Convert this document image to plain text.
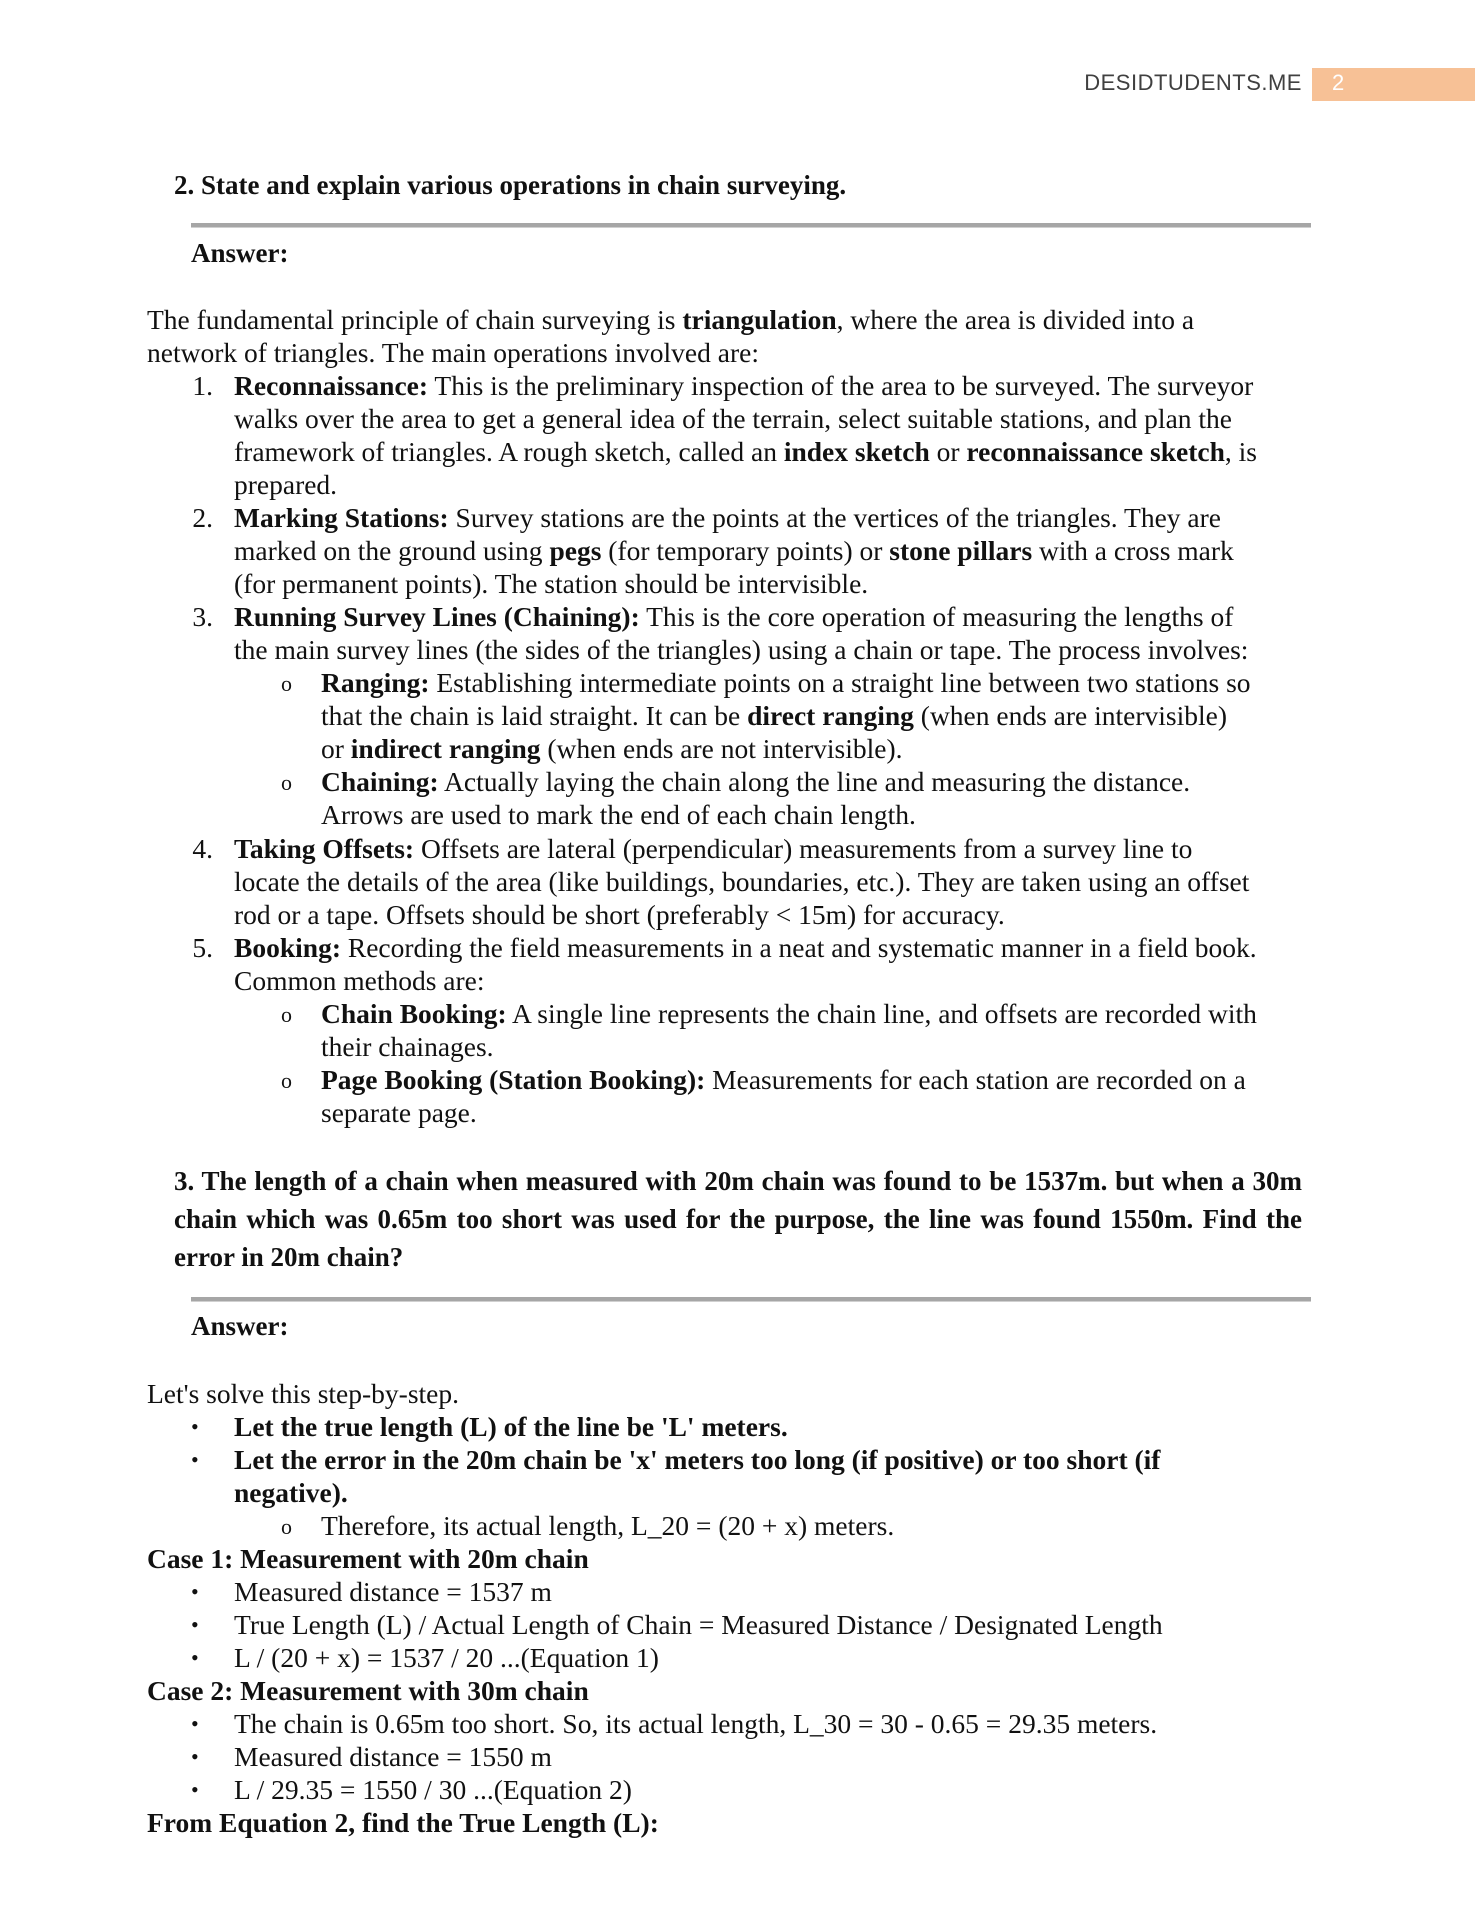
DESIDTUDENTS.ME 2
2. State and explain various operations in chain surveying.
Answer:
The fundamental principle of chain surveying is triangulation, where the area is divided into a
network of triangles. The main operations involved are:
1. Reconnaissance: This is the preliminary inspection of the area to be surveyed. The surveyor
walks over the area to get a general idea of the terrain, select suitable stations, and plan the
framework of triangles. A rough sketch, called an index sketch or reconnaissance sketch, is
prepared.
2. Marking Stations: Survey stations are the points at the vertices of the triangles. They are
marked on the ground using pegs (for temporary points) or stone pillars with a cross mark
(for permanent points). The station should be intervisible.
3. Running Survey Lines (Chaining): This is the core operation of measuring the lengths of
the main survey lines (the sides of the triangles) using a chain or tape. The process involves:
o Ranging: Establishing intermediate points on a straight line between two stations so
that the chain is laid straight. It can be direct ranging (when ends are intervisible)
or indirect ranging (when ends are not intervisible).
o Chaining: Actually laying the chain along the line and measuring the distance.
Arrows are used to mark the end of each chain length.
4. Taking Offsets: Offsets are lateral (perpendicular) measurements from a survey line to
locate the details of the area (like buildings, boundaries, etc.). They are taken using an offset
rod or a tape. Offsets should be short (preferably < 15m) for accuracy.
5. Booking: Recording the field measurements in a neat and systematic manner in a field book.
Common methods are:
o Chain Booking: A single line represents the chain line, and offsets are recorded with
their chainages.
o Page Booking (Station Booking): Measurements for each station are recorded on a
separate page.
3. The length of a chain when measured with 20m chain was found to be 1537m. but when a 30m chain which was 0.65m too short was used for the purpose, the line was found 1550m. Find the error in 20m chain?
Answer:
Let's solve this step-by-step.
• Let the true length (L) of the line be 'L' meters.
• Let the error in the 20m chain be 'x' meters too long (if positive) or too short (if
negative).
o Therefore, its actual length, L_20 = (20 + x) meters.
Case 1: Measurement with 20m chain
• Measured distance = 1537 m
• True Length (L) / Actual Length of Chain = Measured Distance / Designated Length
• L / (20 + x) = 1537 / 20 ...(Equation 1)
Case 2: Measurement with 30m chain
• The chain is 0.65m too short. So, its actual length, L_30 = 30 - 0.65 = 29.35 meters.
• Measured distance = 1550 m
• L / 29.35 = 1550 / 30 ...(Equation 2)
From Equation 2, find the True Length (L):
